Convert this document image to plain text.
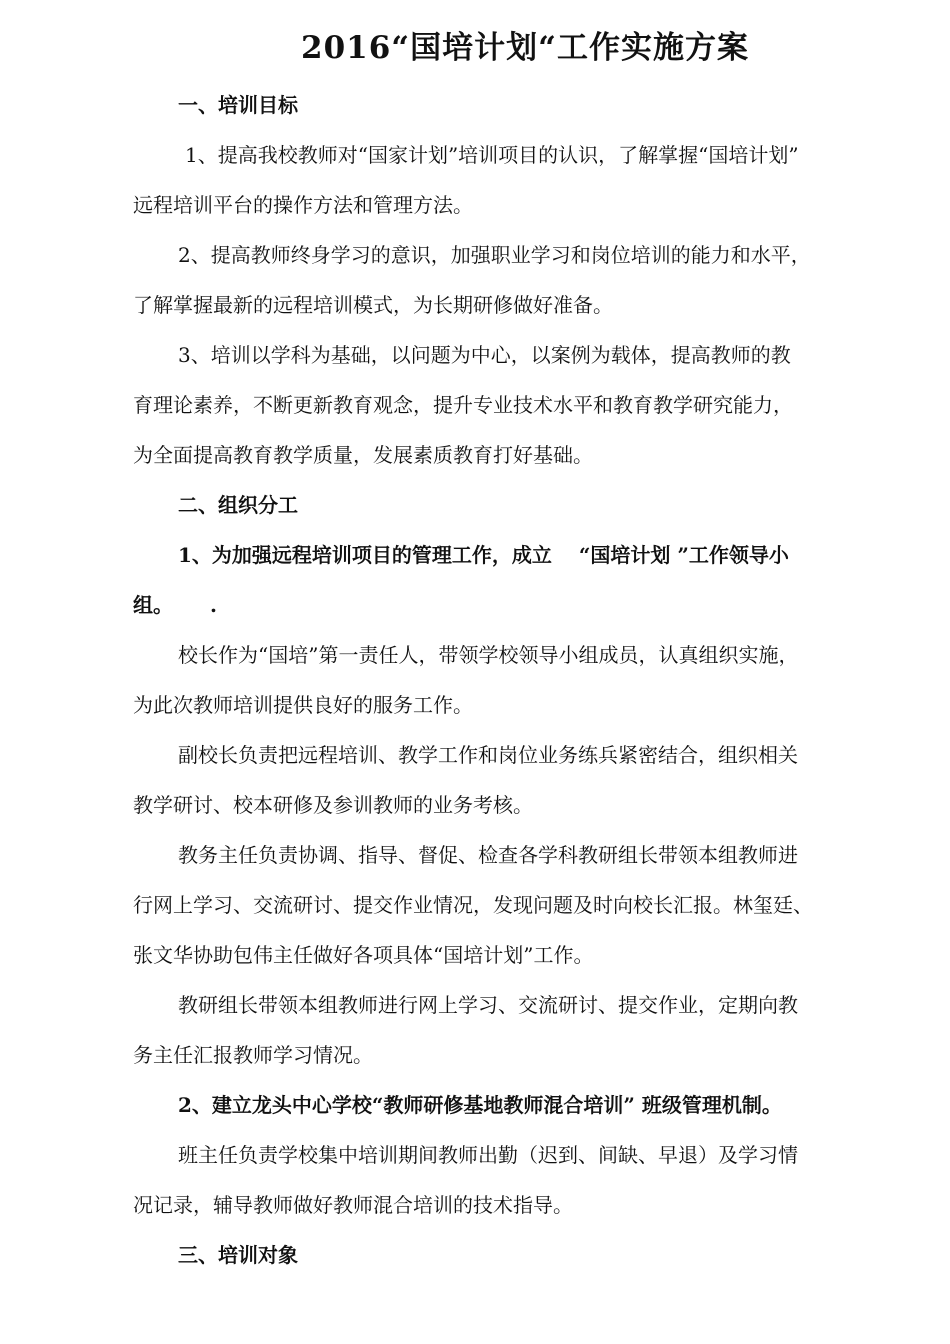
2016“国培计划“工作实施方案
一、培训目标
1、提高我校教师对“国家计划”培训项目的认识，了解掌握“国培计划”
远程培训平台的操作方法和管理方法。
2、提高教师终身学习的意识，加强职业学习和岗位培训的能力和水平，
了解掌握最新的远程培训模式，为长期研修做好准备。
3、培训以学科为基础，以问题为中心，以案例为载体，提高教师的教
育理论素养，不断更新教育观念，提升专业技术水平和教育教学研究能力，
为全面提高教育教学质量，发展素质教育打好基础。
二、组织分工
1、为加强远程培训项目的管理工作，成立　 “国培计划 ”工作领导小
组。　　 .
校长作为“国培”第一责任人，带领学校领导小组成员，认真组织实施，
为此次教师培训提供良好的服务工作。
副校长负责把远程培训、教学工作和岗位业务练兵紧密结合，组织相关
教学研讨、校本研修及参训教师的业务考核。
教务主任负责协调、指导、督促、检查各学科教研组长带领本组教师进
行网上学习、交流研讨、提交作业情况，发现问题及时向校长汇报。林玺廷、
张文华协助包伟主任做好各项具体“国培计划”工作。
教研组长带领本组教师进行网上学习、交流研讨、提交作业，定期向教
务主任汇报教师学习情况。
2、建立龙头中心学校“教师研修基地教师混合培训” 班级管理机制。
班主任负责学校集中培训期间教师出勤（迟到、间缺、早退）及学习情
况记录，辅导教师做好教师混合培训的技术指导。
三、培训对象
